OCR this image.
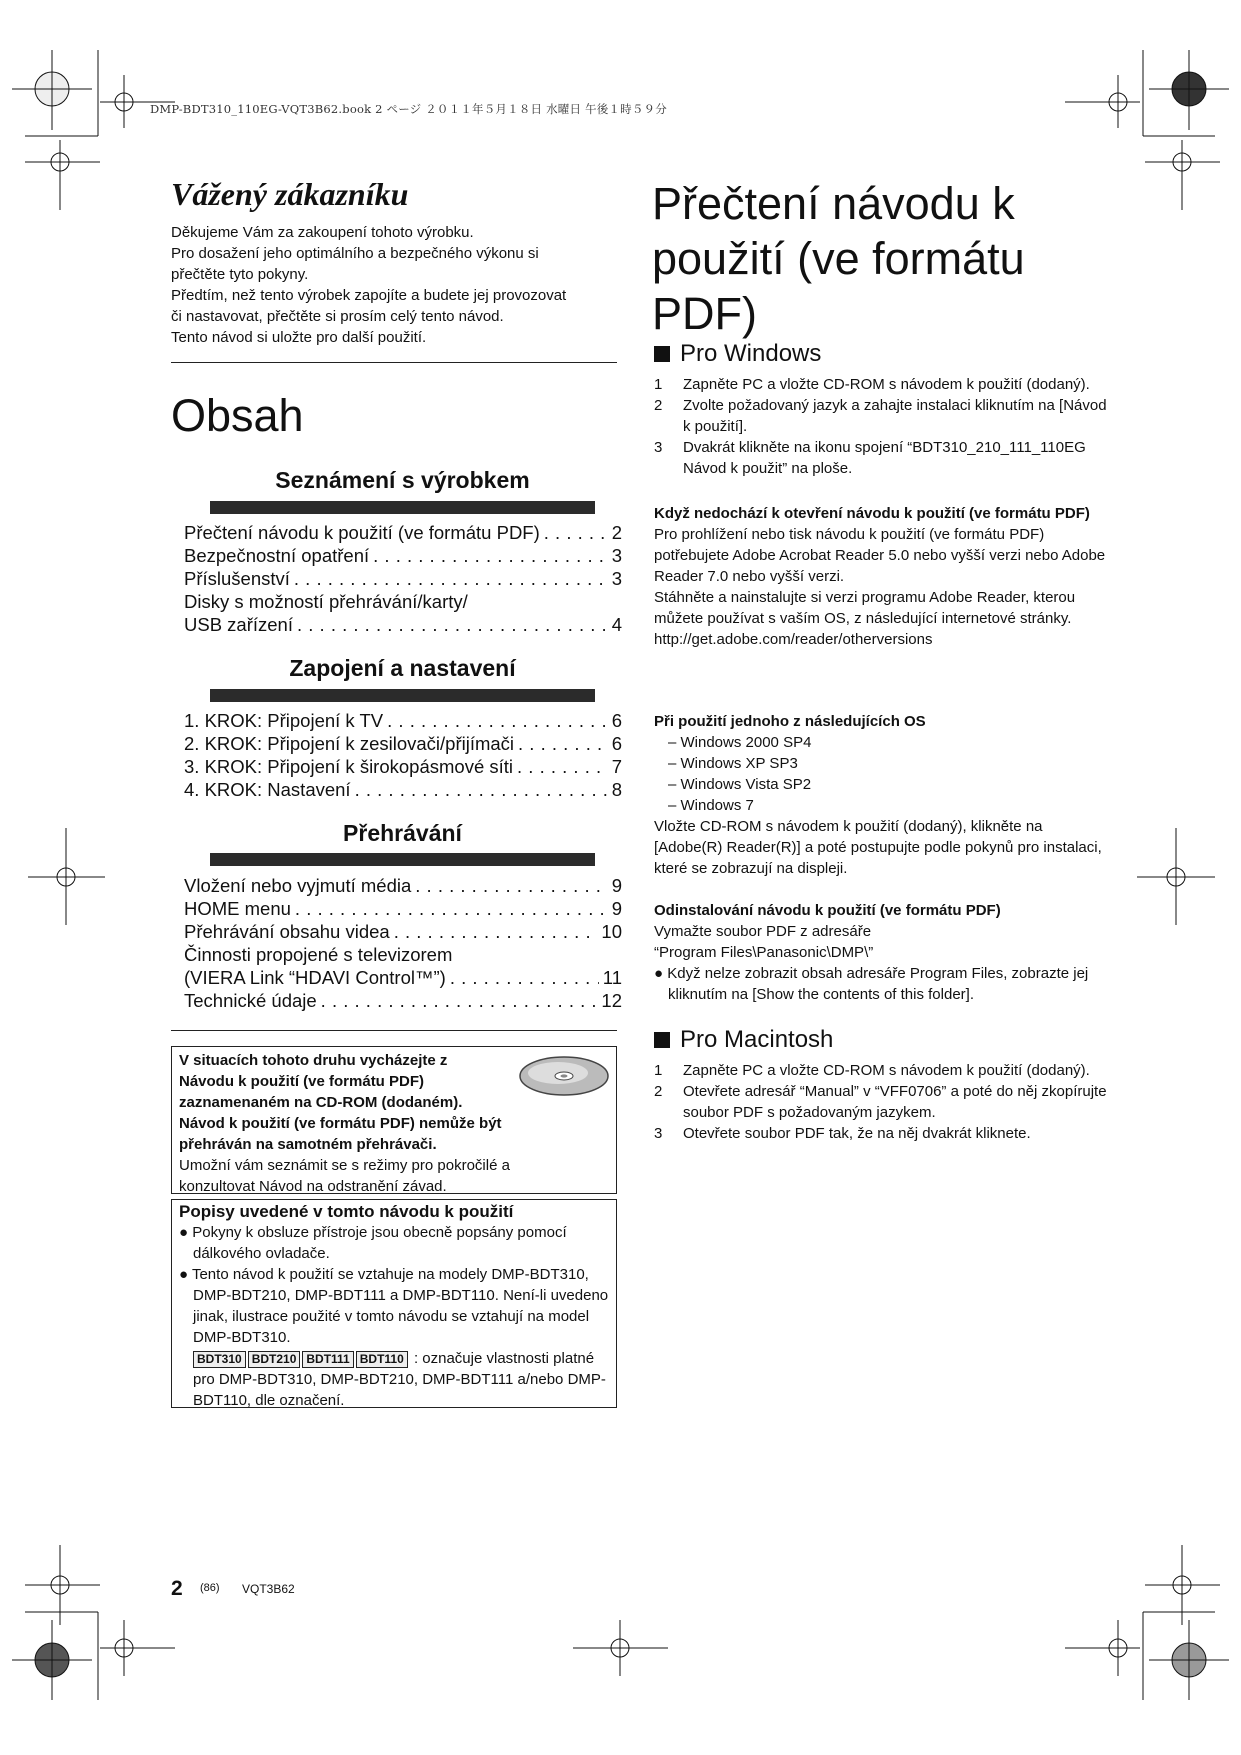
DMP-BDT310_110EG-VQT3B62.book 2 ページ ２０１１年５月１８日 水曜日 午後１時５９分
Vážený zákazníku

Děkujeme Vám za zakoupení tohoto výrobku.

Pro dosažení jeho optimálního a bezpečného výkonu si

přečtěte tyto pokyny.

Předtím, než tento výrobek zapojíte a budete jej provozovat

či nastavovat, přečtěte si prosím celý tento návod.

Tento návod si uložte pro další použití.

Obsah
Seznámení s výrobkem
Přečtení návodu k použití (ve formátu PDF) . . .	2
Bezpečnostní opatření . . .	3
Příslušenství . . .	3
Disky s možností přehrávání/karty/
USB zařízení . . .	4
Zapojení a nastavení
1. KROK: Připojení k TV . . .	6
2. KROK: Připojení k zesilovači/přijímači . . .	6
3. KROK: Připojení k širokopásmové síti . . .	7
4. KROK: Nastavení . . .	8
Přehrávání
Vložení nebo vyjmutí média . . .	9
HOME menu . . .	9
Přehrávání obsahu videa . . .	10
Činnosti propojené s televizorem
(VIERA Link “HDAVI Control™”) . . .	11
Technické údaje . . .	12
V situacích tohoto druhu vycházejte z
Návodu k použití (ve formátu PDF)
zaznamenaném na CD-ROM (dodaném).
Návod k použití (ve formátu PDF) nemůže být
přehráván na samotném přehrávači.
Umožní vám seznámit se s režimy pro pokročilé a
konzultovat Návod na odstranění závad.
Popisy uvedené v tomto návodu k použití
● Pokyny k obsluze přístroje jsou obecně popsány pomocí dálkového ovladače.
● Tento návod k použití se vztahuje na modely DMP-BDT310, DMP-BDT210, DMP-BDT111 a DMP-BDT110. Není-li uvedeno jinak, ilustrace použité v tomto návodu se vztahují na model DMP-BDT310.
BDT310 BDT210 BDT111 BDT110 : označuje vlastnosti platné pro DMP-BDT310, DMP-BDT210, DMP-BDT111 a/nebo DMP-BDT110, dle označení.
Přečtení návodu k použití (ve formátu PDF)
Pro Windows
1	Zapněte PC a vložte CD-ROM s návodem k použití (dodaný).
2	Zvolte požadovaný jazyk a zahajte instalaci kliknutím na [Návod k použití].
3	Dvakrát klikněte na ikonu spojení “BDT310_210_111_110EG Návod k použit” na ploše.

Když nedochází k otevření návodu k použití (ve formátu PDF)

Pro prohlížení nebo tisk návodu k použití (ve formátu PDF) potřebujete Adobe Acrobat Reader 5.0 nebo vyšší verzi nebo Adobe Reader 7.0 nebo vyšší verzi.

Stáhněte a nainstalujte si verzi programu Adobe Reader, kterou můžete používat s vaším OS, z následující internetové stránky.

http://get.adobe.com/reader/otherversions

Při použití jednoho z následujících OS

– Windows 2000 SP4

– Windows XP SP3

– Windows Vista SP2

– Windows 7

Vložte CD-ROM s návodem k použití (dodaný), klikněte na [Adobe(R) Reader(R)] a poté postupujte podle pokynů pro instalaci, které se zobrazují na displeji.

Odinstalování návodu k použití (ve formátu PDF)

Vymažte soubor PDF z adresáře

“Program Files\Panasonic\DMP\”

● Když nelze zobrazit obsah adresáře Program Files, zobrazte jej kliknutím na [Show the contents of this folder].

Pro Macintosh
1	Zapněte PC a vložte CD-ROM s návodem k použití (dodaný).
2	Otevřete adresář “Manual” v “VFF0706” a poté do něj zkopírujte soubor PDF s požadovaným jazykem.
3	Otevřete soubor PDF tak, že na něj dvakrát kliknete.
2 (86) VQT3B62
